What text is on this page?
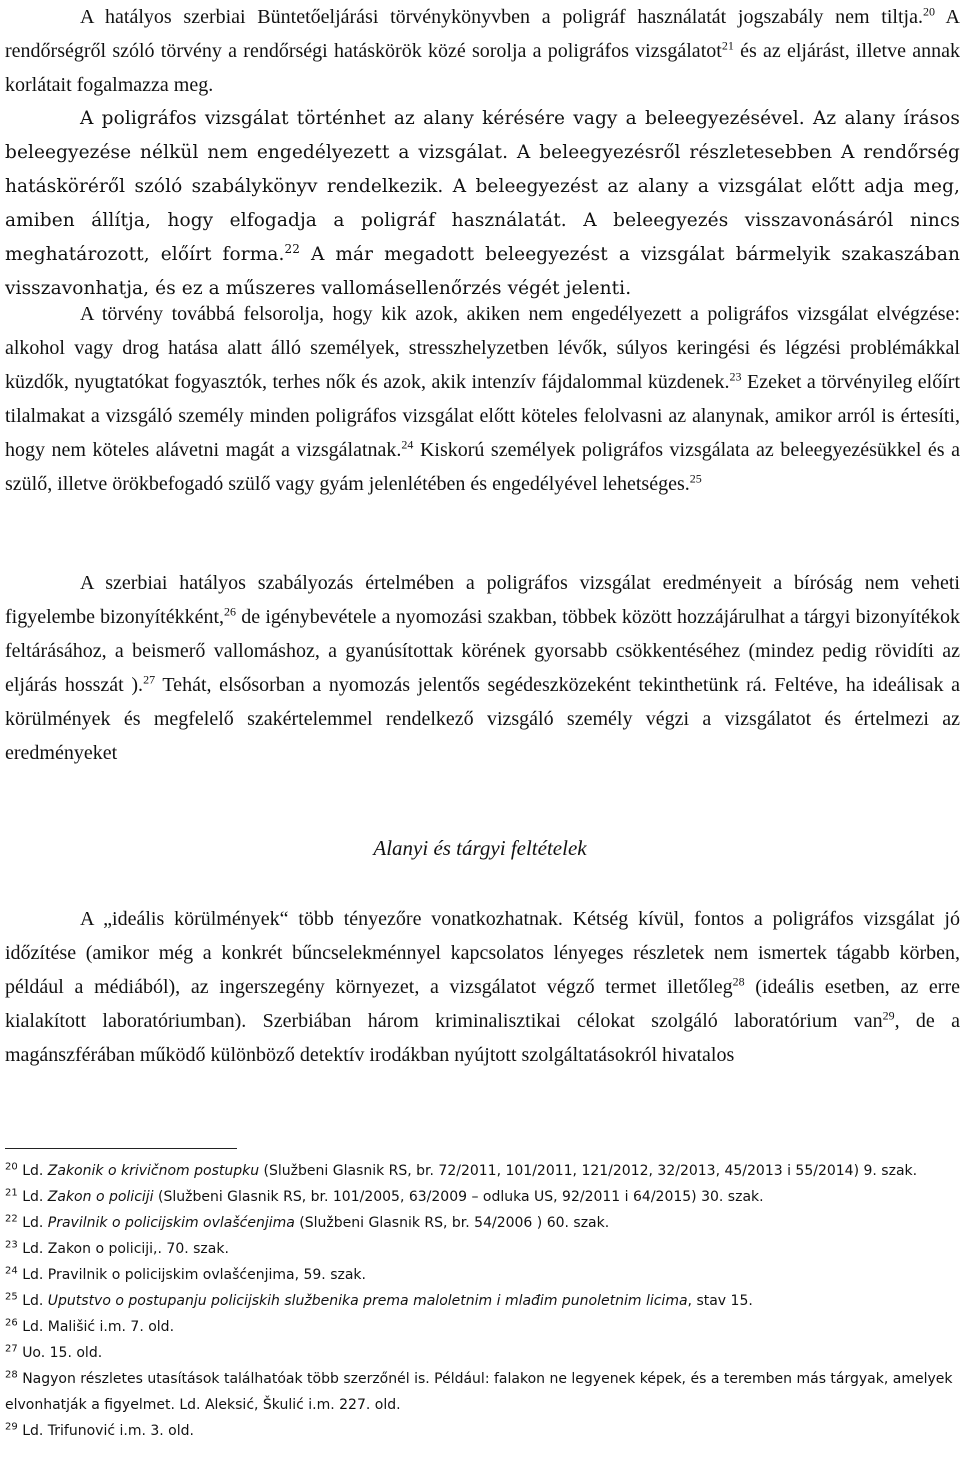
A hatályos szerbiai Büntetőeljárási törvénykönyvben a poligráf használatát jogszabály nem tiltja.$^{20}$ A rendőrségről szóló törvény a rendőrségi hatáskörök közé sorolja a poligráfos vizsgálatot$^{21}$ és az eljárást, illetve annak korlátait fogalmazza meg.

A poligráfos vizsgálat történhet az alany kérésére vagy a beleegyezésével. Az alany írásos beleegyezése nélkül nem engedélyezett a vizsgálat. A beleegyezésről részletesebben A rendőrség hatásköréről szóló szabálykönyv rendelkezik. A beleegyezést az alany a vizsgálat előtt adja meg, amiben állítja, hogy elfogadja a poligráf használatát. A beleegyezés visszavonásáról nincs meghatározott, előírt forma.$^{22}$ A már megadott beleegyezést a vizsgálat bármelyik szakaszában visszavonhatja, és ez a műszeres vallomásellenőrzés végét jelenti.

A törvény továbbá felsorolja, hogy kik azok, akiken nem engedélyezett a poligráfos vizsgálat elvégzése: alkohol vagy drog hatása alatt álló személyek, stresszhelyzetben lévők, súlyos keringési és légzési problémákkal küzdők, nyugtatókat fogyasztók, terhes nők és azok, akik intenzív fájdalommal küzdenek.$^{23}$ Ezeket a törvényileg előírt tilalmakat a vizsgáló személy minden poligráfos vizsgálat előtt köteles felolvasni az alanynak, amikor arról is értesíti, hogy nem köteles alávetni magát a vizsgálatnak.$^{24}$ Kiskorú személyek poligráfos vizsgálata az beleegyezésükkel és a szülő, illetve örökbefogadó szülő vagy gyám jelenlétében és engedélyével lehetséges.$^{25}$

A szerbiai hatályos szabályozás értelmében a poligráfos vizsgálat eredményeit a bíróság nem veheti figyelembe bizonyítékként,$^{26}$ de igénybevétele a nyomozási szakban, többek között hozzájárulhat a tárgyi bizonyítékok feltárásához, a beismerő vallomáshoz, a gyanúsítottak körének gyorsabb csökkentéséhez (mindez pedig rövidíti az eljárás hosszát ).$^{27}$ Tehát, elsősorban a nyomozás jelentős segédeszközeként tekinthetünk rá. Feltéve, ha ideálisak a körülmények és megfelelő szakértelemmel rendelkező vizsgáló személy végzi a vizsgálatot és értelmezi az eredményeket

Alanyi és tárgyi feltételek

A „ideális körülmények“ több tényezőre vonatkozhatnak. Kétség kívül, fontos a poligráfos vizsgálat jó időzítése (amikor még a konkrét bűncselekménnyel kapcsolatos lényeges részletek nem ismertek tágabb körben, például a médiából), az ingerszegény környezet, a vizsgálatot végző termet illetőleg$^{28}$ (ideális esetben, az erre kialakított laboratóriumban). Szerbiában három kriminalisztikai célokat szolgáló laboratórium van$^{29}$, de a magánszférában működő különböző detektív irodákban nyújtott szolgáltatásokról hivatalos

$^{20}$ Ld. Zakonik o krivičnom postupku (Službeni Glasnik RS, br. 72/2011, 101/2011, 121/2012, 32/2013, 45/2013 i 55/2014) 9. szak.

$^{21}$ Ld. Zakon o policiji (Službeni Glasnik RS, br. 101/2005, 63/2009 – odluka US, 92/2011 i 64/2015) 30. szak.

$^{22}$ Ld. Pravilnik o policijskim ovlašćenjima (Službeni Glasnik RS, br. 54/2006 ) 60. szak.

$^{23}$ Ld. Zakon o policiji,. 70. szak.

$^{24}$ Ld. Pravilnik o policijskim ovlašćenjima, 59. szak.

$^{25}$ Ld. Uputstvo o postupanju policijskih službenika prema maloletnim i mlađim punoletnim licima, stav 15.

$^{26}$ Ld. Mališić i.m. 7. old.

$^{27}$ Uo. 15. old.

$^{28}$ Nagyon részletes utasítások találhatóak több szerzőnél is. Például: falakon ne legyenek képek, és a teremben más tárgyak, amelyek elvonhatják a figyelmet. Ld. Aleksić, Škulić i.m. 227. old.

$^{29}$ Ld. Trifunović i.m. 3. old.
